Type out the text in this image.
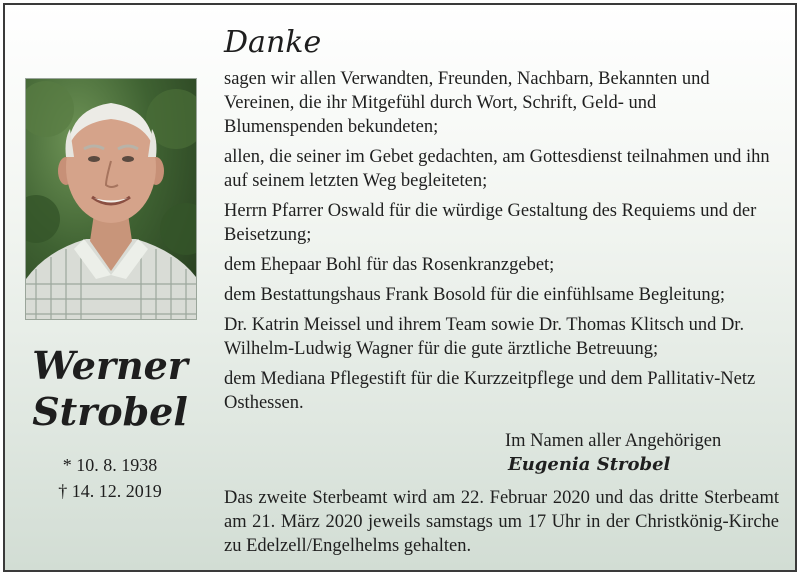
Werner
Strobel
* 10. 8. 1938
† 14. 12. 2019
Danke
sagen wir allen Verwandten, Freunden, Nachbarn, Bekannten und Vereinen, die ihr Mitgefühl durch Wort, Schrift, Geld- und Blumenspenden bekundeten;
allen, die seiner im Gebet gedachten, am Gottesdienst teilnahmen und ihn auf seinem letzten Weg begleiteten;
Herrn Pfarrer Oswald für die würdige Gestaltung des Requiems und der Beisetzung;
dem Ehepaar Bohl für das Rosenkranzgebet;
dem Bestattungshaus Frank Bosold für die einfühlsame Begleitung;
Dr. Katrin Meissel und ihrem Team sowie Dr. Thomas Klitsch und Dr. Wilhelm-Ludwig Wagner für die gute ärztliche Betreuung;
dem Mediana Pflegestift für die Kurzzeitpflege und dem Pallitativ-Netz Osthessen.
Im Namen aller Angehörigen
Eugenia Strobel
Das zweite Sterbeamt wird am 22. Februar 2020 und das dritte Sterbeamt am 21. März 2020 jeweils samstags um 17 Uhr in der Christkönig-Kirche zu Edelzell/Engelhelms gehalten.
